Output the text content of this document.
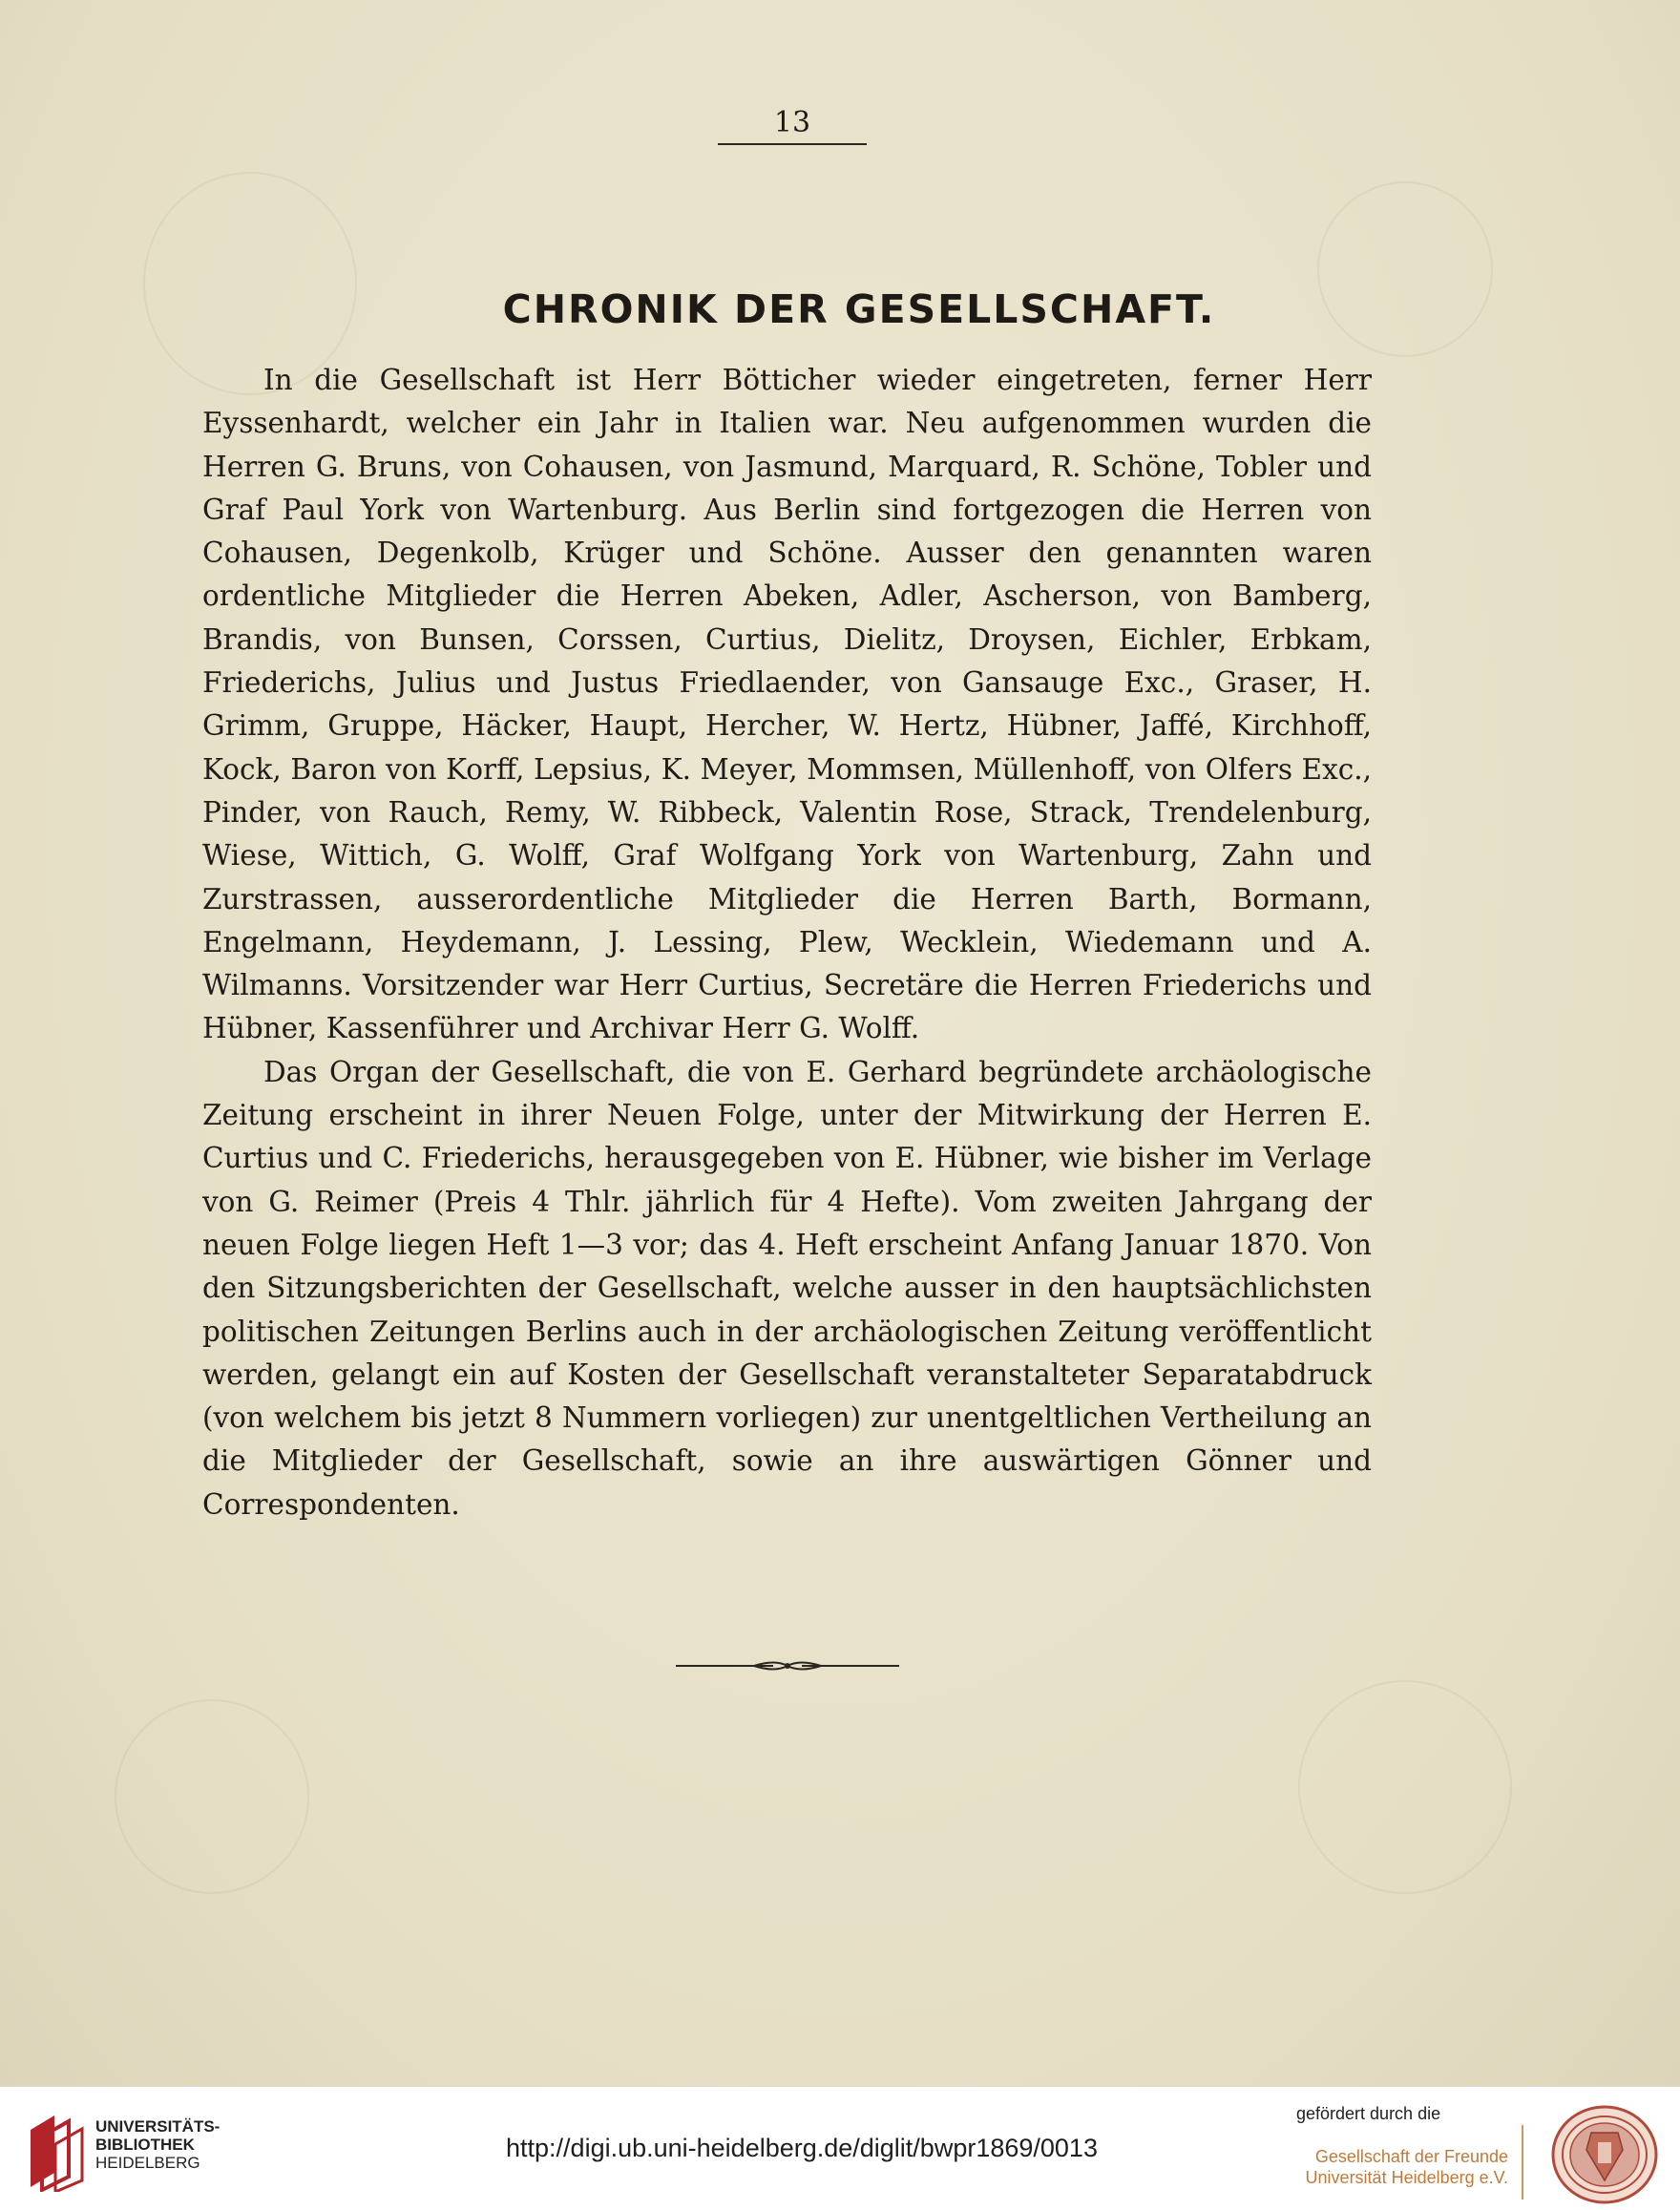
13
CHRONIK DER GESELLSCHAFT.

In die Gesellschaft ist Herr Bötticher wieder eingetreten, ferner Herr Eyssenhardt, welcher ein Jahr in Italien war. Neu aufgenommen wurden die Herren G. Bruns, von Cohausen, von Jasmund, Marquard, R. Schöne, Tobler und Graf Paul York von Wartenburg. Aus Berlin sind fortgezogen die Herren von Cohausen, Degenkolb, Krüger und Schöne. Ausser den genannten waren ordentliche Mitglieder die Herren Abeken, Adler, Ascherson, von Bamberg, Brandis, von Bunsen, Corssen, Curtius, Dielitz, Droysen, Eichler, Erbkam, Friederichs, Julius und Justus Friedlaender, von Gansauge Exc., Graser, H. Grimm, Gruppe, Häcker, Haupt, Hercher, W. Hertz, Hübner, Jaffé, Kirchhoff, Kock, Baron von Korff, Lepsius, K. Meyer, Mommsen, Müllenhoff, von Olfers Exc., Pinder, von Rauch, Remy, W. Ribbeck, Valentin Rose, Strack, Trendelenburg, Wiese, Wittich, G. Wolff, Graf Wolfgang York von Wartenburg, Zahn und Zurstrassen, ausserordentliche Mitglieder die Herren Barth, Bormann, Engelmann, Heydemann, J. Lessing, Plew, Wecklein, Wiedemann und A. Wilmanns. Vorsitzender war Herr Curtius, Secretäre die Herren Friederichs und Hübner, Kassenführer und Archivar Herr G. Wolff.

Das Organ der Gesellschaft, die von E. Gerhard begründete archäologische Zeitung erscheint in ihrer Neuen Folge, unter der Mitwirkung der Herren E. Curtius und C. Friederichs, herausgegeben von E. Hübner, wie bisher im Verlage von G. Reimer (Preis 4 Thlr. jährlich für 4 Hefte). Vom zweiten Jahrgang der neuen Folge liegen Heft 1—3 vor; das 4. Heft erscheint Anfang Januar 1870. Von den Sitzungsberichten der Gesellschaft, welche ausser in den hauptsächlichsten politischen Zeitungen Berlins auch in der archäologischen Zeitung veröffentlicht werden, gelangt ein auf Kosten der Gesellschaft veranstalteter Separatabdruck (von welchem bis jetzt 8 Nummern vorliegen) zur unentgeltlichen Vertheilung an die Mitglieder der Gesellschaft, sowie an ihre auswärtigen Gönner und Correspondenten.

UNIVERSITÄTS-
BIBLIOTHEK
HEIDELBERG
http://digi.ub.uni-heidelberg.de/diglit/bwpr1869/0013
gefördert durch die
Gesellschaft der Freunde
Universität Heidelberg e.V.
